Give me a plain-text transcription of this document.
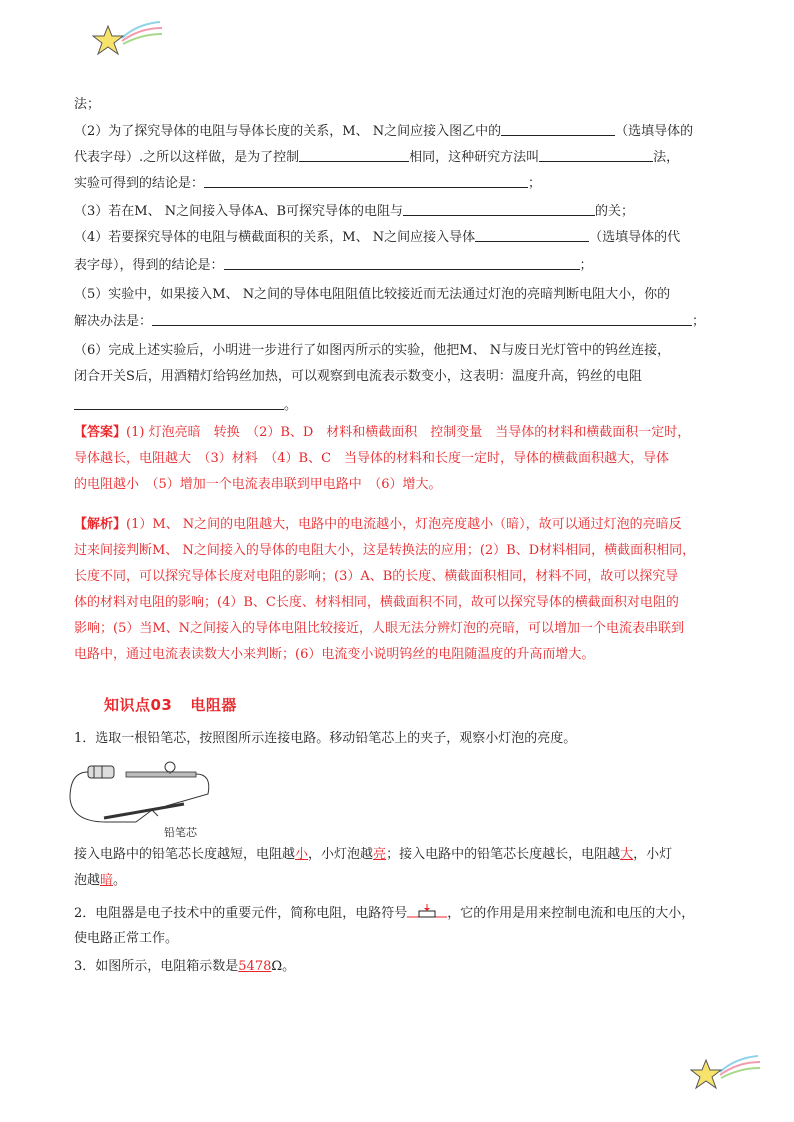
法；
（2）为了探究导体的电阻与导体长度的关系，M、 N之间应接入图乙中的	（选填导体的
代表字母）.之所以这样做，是为了控制	相同，这种研究方法叫	法，
实验可得到的结论是：	；
（3）若在M、 N之间接入导体A、B可探究导体的电阻与	的关；
（4）若要探究导体的电阻与横截面积的关系，M、 N之间应接入导体	（选填导体的代
表字母），得到的结论是：	；
（5）实验中，如果接入M、 N之间的导体电阻阻值比较接近而无法通过灯泡的亮暗判断电阻大小，你的
解决办法是：	；
（6）完成上述实验后，小明进一步进行了如图丙所示的实验，他把M、 N与废日光灯管中的钨丝连接，
闭合开关S后，用酒精灯给钨丝加热，可以观察到电流表示数变小，这表明：温度升高，钨丝的电阻
。
【答案】(1) 灯泡亮暗　转换　（2）B、D　材料和横截面积　控制变量　当导体的材料和横截面积一定时，
导体越长，电阻越大　（3）材料　（4）B、C　当导体的材料和长度一定时，导体的横截面积越大，导体
的电阻越小　（5）增加一个电流表串联到甲电路中　（6）增大。
【解析】(1）M、 N之间的电阻越大，电路中的电流越小，灯泡亮度越小（暗），故可以通过灯泡的亮暗反
过来间接判断M、 N之间接入的导体的电阻大小，这是转换法的应用；(2）B、D材料相同，横截面积相同，
长度不同，可以探究导体长度对电阻的影响；(3）A、B的长度、横截面积相同，材料不同，故可以探究导
体的材料对电阻的影响；(4）B、C长度、材料相同，横截面积不同，故可以探究导体的横截面积对电阻的
影响；(5）当M、N之间接入的导体电阻比较接近，人眼无法分辨灯泡的亮暗，可以增加一个电流表串联到
电路中，通过电流表读数大小来判断；(6）电流变小说明钨丝的电阻随温度的升高而增大。
知识点03 电阻器
1．选取一根铅笔芯，按照图所示连接电路。移动铅笔芯上的夹子，观察小灯泡的亮度。
铅笔芯
接入电路中的铅笔芯长度越短，电阻越小，小灯泡越亮；接入电路中的铅笔芯长度越长，电阻越大，小灯
泡越暗。
2．电阻器是电子技术中的重要元件，简称电阻，电路符号	，它的作用是用来控制电流和电压的大小，
使电路正常工作。
3．如图所示，电阻箱示数是5478Ω。
